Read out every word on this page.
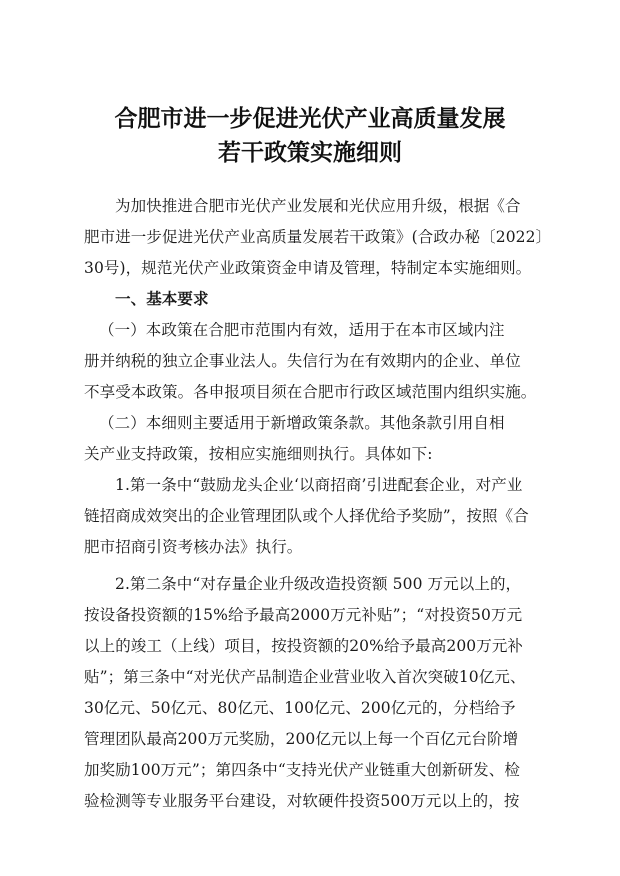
合肥市进一步促进光伏产业高质量发展
若干政策实施细则
为加快推进合肥市光伏产业发展和光伏应用升级，根据《合
肥市进一步促进光伏产业高质量发展若干政策》(合政办秘〔2022〕
30号)，规范光伏产业政策资金申请及管理，特制定本实施细则。
一、基本要求
（一）本政策在合肥市范围内有效，适用于在本市区域内注
册并纳税的独立企事业法人。失信行为在有效期内的企业、单位
不享受本政策。各申报项目须在合肥市行政区域范围内组织实施。
（二）本细则主要适用于新增政策条款。其他条款引用自相
关产业支持政策，按相应实施细则执行。具体如下:
1.第一条中“鼓励龙头企业‘以商招商’引进配套企业，对产业
链招商成效突出的企业管理团队或个人择优给予奖励”，按照《合
肥市招商引资考核办法》执行。
2.第二条中“对存量企业升级改造投资额 500 万元以上的，
按设备投资额的15%给予最高2000万元补贴”；“对投资50万元
以上的竣工（上线）项目，按投资额的20%给予最高200万元补
贴”；第三条中“对光伏产品制造企业营业收入首次突破10亿元、
30亿元、50亿元、80亿元、100亿元、200亿元的，分档给予
管理团队最高200万元奖励，200亿元以上每一个百亿元台阶增
加奖励100万元”；第四条中“支持光伏产业链重大创新研发、检
验检测等专业服务平台建设，对软硬件投资500万元以上的，按
